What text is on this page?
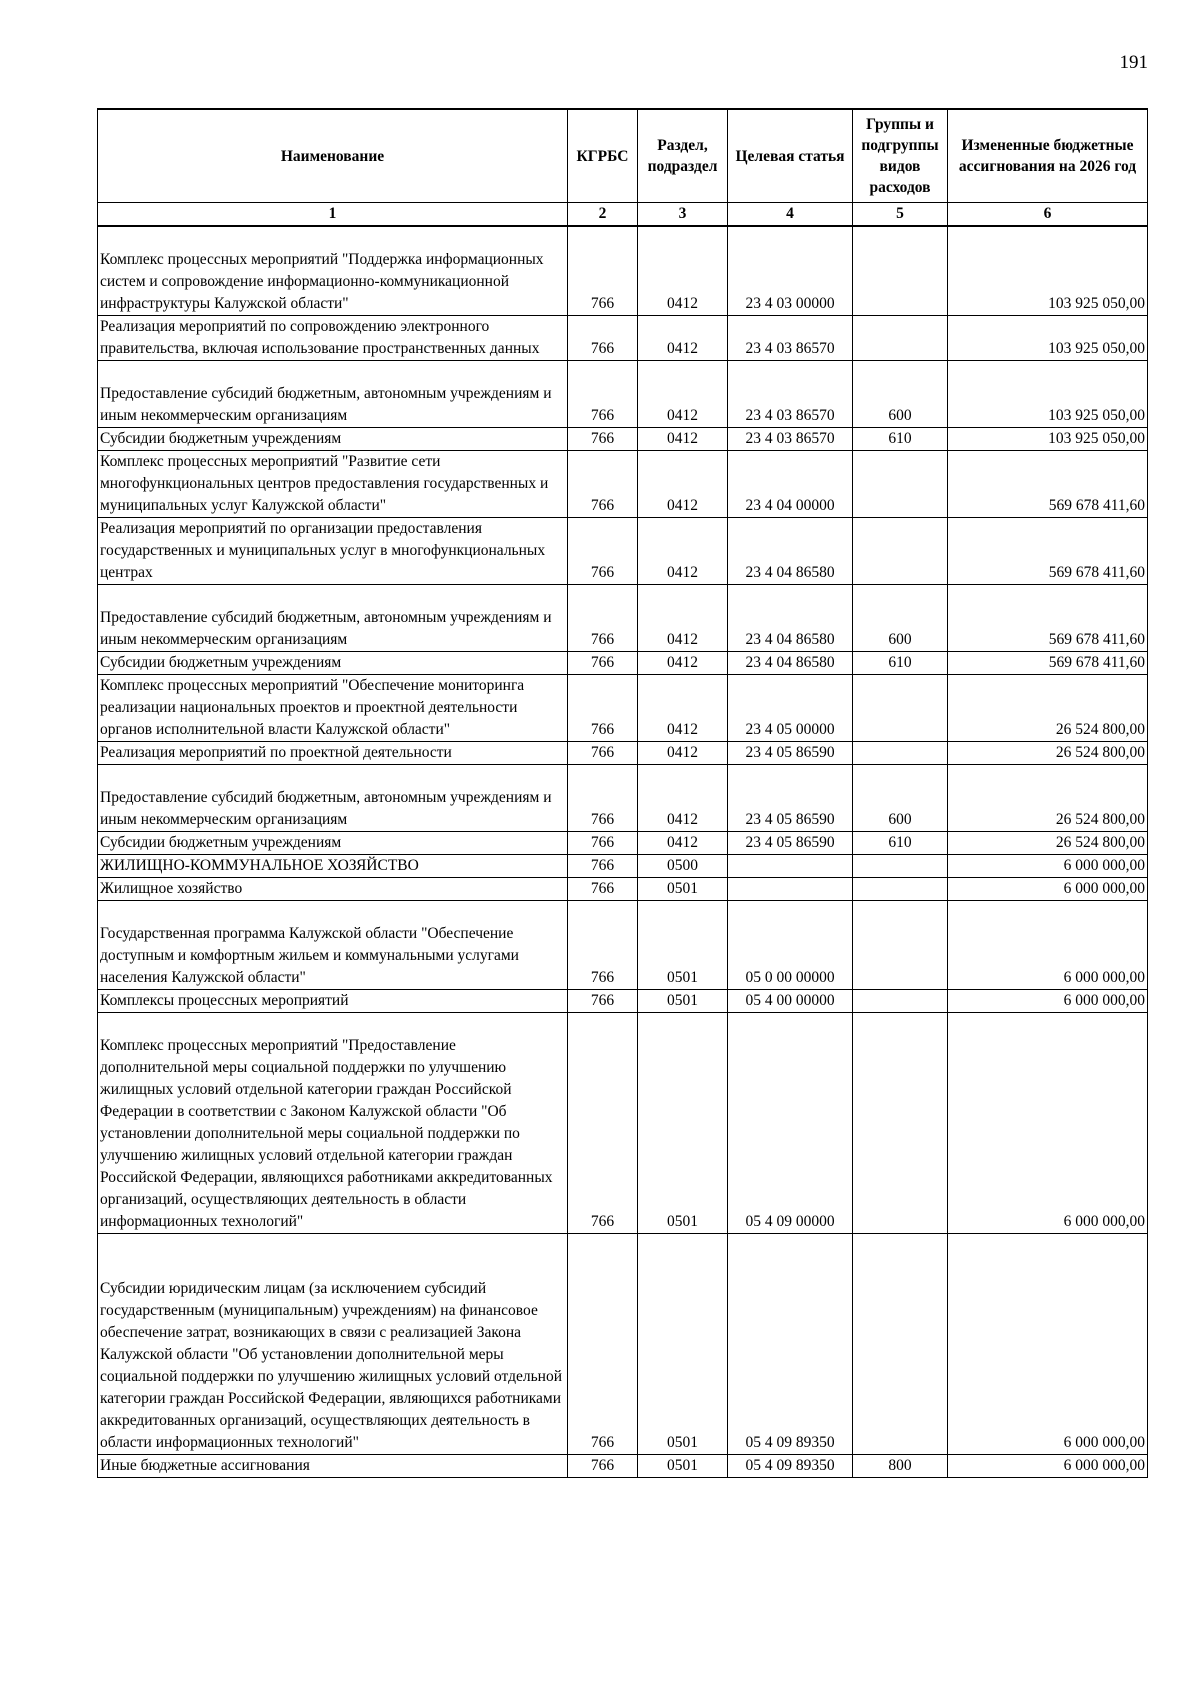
191
Наименование	КГРБС	Раздел, подраздел	Целевая статья	Группы и подгруппы видов расходов	Измененные бюджетные ассигнования на 2026 год
1	2	3	4	5	6
Комплекс процессных мероприятий "Поддержка информационных систем и сопровождение информационно-коммуникационной инфраструктуры Калужской области"	766	0412	23 4 03 00000		103 925 050,00
Реализация мероприятий по сопровождению электронного правительства, включая использование пространственных данных	766	0412	23 4 03 86570		103 925 050,00
Предоставление субсидий бюджетным, автономным учреждениям и иным некоммерческим организациям	766	0412	23 4 03 86570	600	103 925 050,00
Субсидии бюджетным учреждениям	766	0412	23 4 03 86570	610	103 925 050,00
Комплекс процессных мероприятий "Развитие сети многофункциональных центров предоставления государственных и муниципальных услуг Калужской области"	766	0412	23 4 04 00000		569 678 411,60
Реализация мероприятий по организации предоставления государственных и муниципальных услуг в многофункциональных центрах	766	0412	23 4 04 86580		569 678 411,60
Предоставление субсидий бюджетным, автономным учреждениям и иным некоммерческим организациям	766	0412	23 4 04 86580	600	569 678 411,60
Субсидии бюджетным учреждениям	766	0412	23 4 04 86580	610	569 678 411,60
Комплекс процессных мероприятий "Обеспечение мониторинга реализации национальных проектов и проектной деятельности органов исполнительной власти Калужской области"	766	0412	23 4 05 00000		26 524 800,00
Реализация мероприятий по проектной деятельности	766	0412	23 4 05 86590		26 524 800,00
Предоставление субсидий бюджетным, автономным учреждениям и иным некоммерческим организациям	766	0412	23 4 05 86590	600	26 524 800,00
Субсидии бюджетным учреждениям	766	0412	23 4 05 86590	610	26 524 800,00
ЖИЛИЩНО-КОММУНАЛЬНОЕ ХОЗЯЙСТВО	766	0500			6 000 000,00
Жилищное хозяйство	766	0501			6 000 000,00
Государственная программа Калужской области "Обеспечение доступным и комфортным жильем и коммунальными услугами населения Калужской области"	766	0501	05 0 00 00000		6 000 000,00
Комплексы процессных мероприятий	766	0501	05 4 00 00000		6 000 000,00
Комплекс процессных мероприятий "Предоставление дополнительной меры социальной поддержки по улучшению жилищных условий отдельной категории граждан Российской Федерации в соответствии с Законом Калужской области "Об установлении дополнительной меры социальной поддержки по улучшению жилищных условий отдельной категории граждан Российской Федерации, являющихся работниками аккредитованных организаций, осуществляющих деятельность в области информационных технологий"	766	0501	05 4 09 00000		6 000 000,00
Субсидии юридическим лицам (за исключением субсидий государственным (муниципальным) учреждениям) на финансовое обеспечение затрат, возникающих в связи с реализацией Закона Калужской области "Об установлении дополнительной меры социальной поддержки по улучшению жилищных условий отдельной категории граждан Российской Федерации, являющихся работниками аккредитованных организаций, осуществляющих деятельность в области информационных технологий"	766	0501	05 4 09 89350		6 000 000,00
Иные бюджетные ассигнования	766	0501	05 4 09 89350	800	6 000 000,00
